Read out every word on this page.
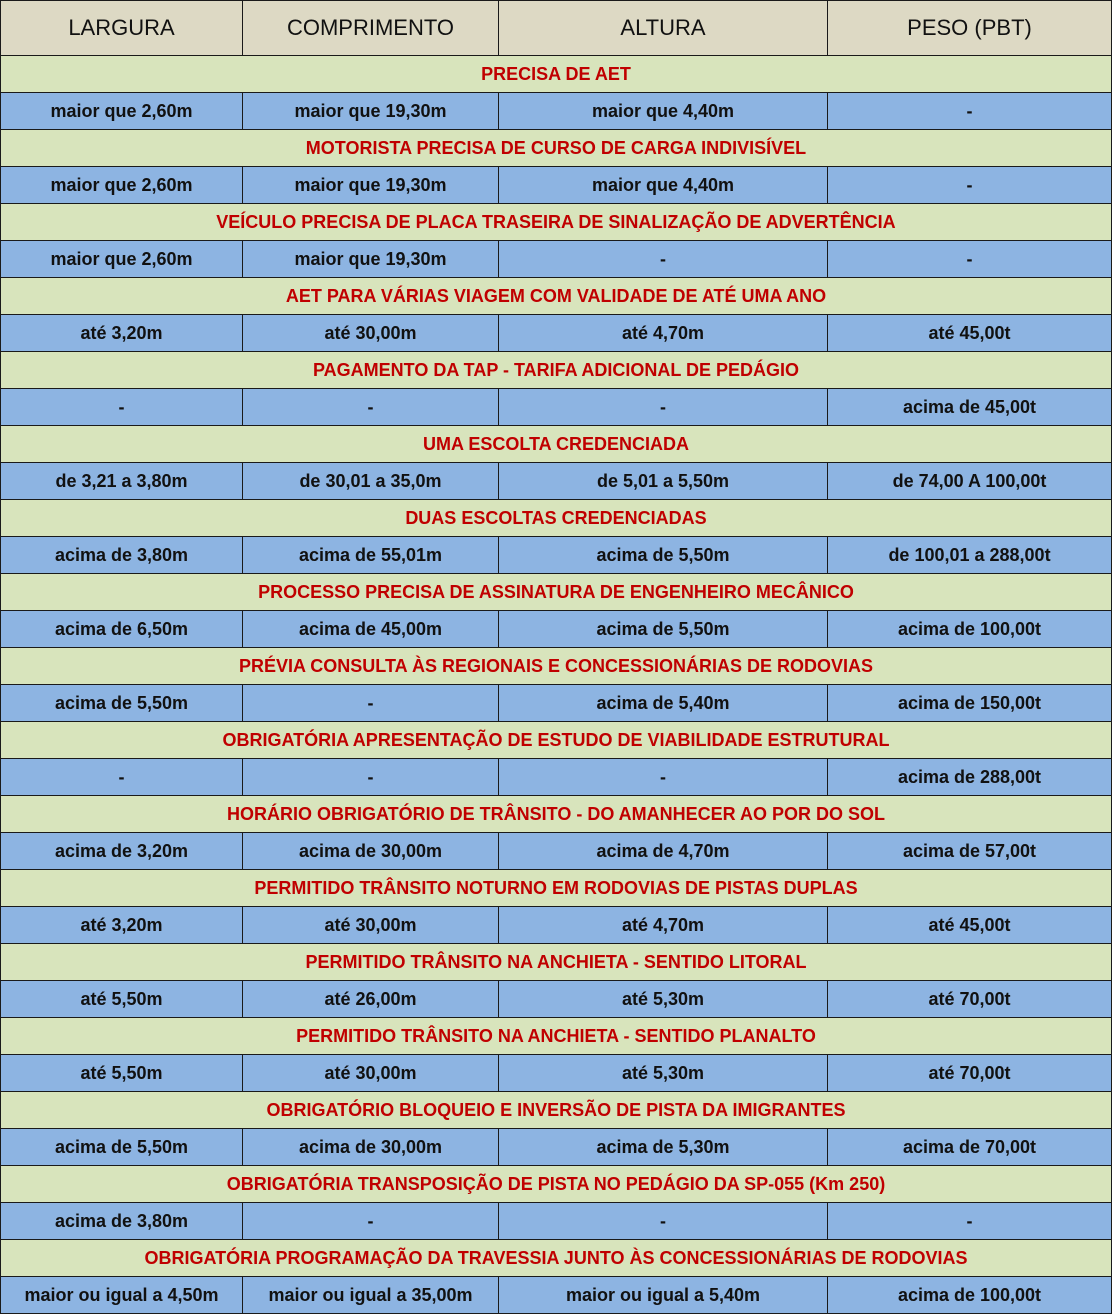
LARGURA	COMPRIMENTO	ALTURA	PESO (PBT)
PRECISA DE AET			
maior que 2,60m	maior que 19,30m	maior que 4,40m	-
MOTORISTA PRECISA DE CURSO DE CARGA INDIVISÍVEL			
maior que 2,60m	maior que 19,30m	maior que 4,40m	-
VEÍCULO PRECISA DE PLACA TRASEIRA DE SINALIZAÇÃO DE ADVERTÊNCIA			
maior que 2,60m	maior que 19,30m	-	-
AET PARA VÁRIAS VIAGEM COM VALIDADE DE ATÉ UMA ANO			
até 3,20m	até 30,00m	até 4,70m	até 45,00t
PAGAMENTO DA TAP - TARIFA ADICIONAL DE PEDÁGIO			
-	-	-	acima de 45,00t
UMA ESCOLTA CREDENCIADA			
de 3,21 a 3,80m	de 30,01 a 35,0m	de 5,01 a 5,50m	de 74,00 A 100,00t
DUAS ESCOLTAS CREDENCIADAS			
acima de 3,80m	acima de 55,01m	acima de 5,50m	de 100,01 a 288,00t
PROCESSO PRECISA DE ASSINATURA DE ENGENHEIRO MECÂNICO			
acima de 6,50m	acima de 45,00m	acima de 5,50m	acima de 100,00t
PRÉVIA CONSULTA ÀS REGIONAIS E CONCESSIONÁRIAS DE RODOVIAS			
acima de 5,50m	-	acima de 5,40m	acima de 150,00t
OBRIGATÓRIA APRESENTAÇÃO DE ESTUDO DE VIABILIDADE ESTRUTURAL			
-	-	-	acima de 288,00t
HORÁRIO OBRIGATÓRIO DE TRÂNSITO - DO AMANHECER AO POR DO SOL			
acima de 3,20m	acima de 30,00m	acima de 4,70m	acima de 57,00t
PERMITIDO TRÂNSITO NOTURNO EM RODOVIAS DE PISTAS DUPLAS			
até 3,20m	até 30,00m	até 4,70m	até 45,00t
PERMITIDO TRÂNSITO NA ANCHIETA - SENTIDO LITORAL			
até 5,50m	até 26,00m	até 5,30m	até 70,00t
PERMITIDO TRÂNSITO NA ANCHIETA - SENTIDO PLANALTO			
até 5,50m	até 30,00m	até 5,30m	até 70,00t
OBRIGATÓRIO BLOQUEIO E INVERSÃO DE PISTA DA IMIGRANTES			
acima de 5,50m	acima de 30,00m	acima de 5,30m	acima de 70,00t
OBRIGATÓRIA TRANSPOSIÇÃO DE PISTA NO PEDÁGIO DA SP-055 (Km 250)			
acima de 3,80m	-	-	-
OBRIGATÓRIA PROGRAMAÇÃO DA TRAVESSIA JUNTO ÀS CONCESSIONÁRIAS DE RODOVIAS			
maior ou igual a 4,50m	maior ou igual a 35,00m	maior ou igual a 5,40m	acima de 100,00t
